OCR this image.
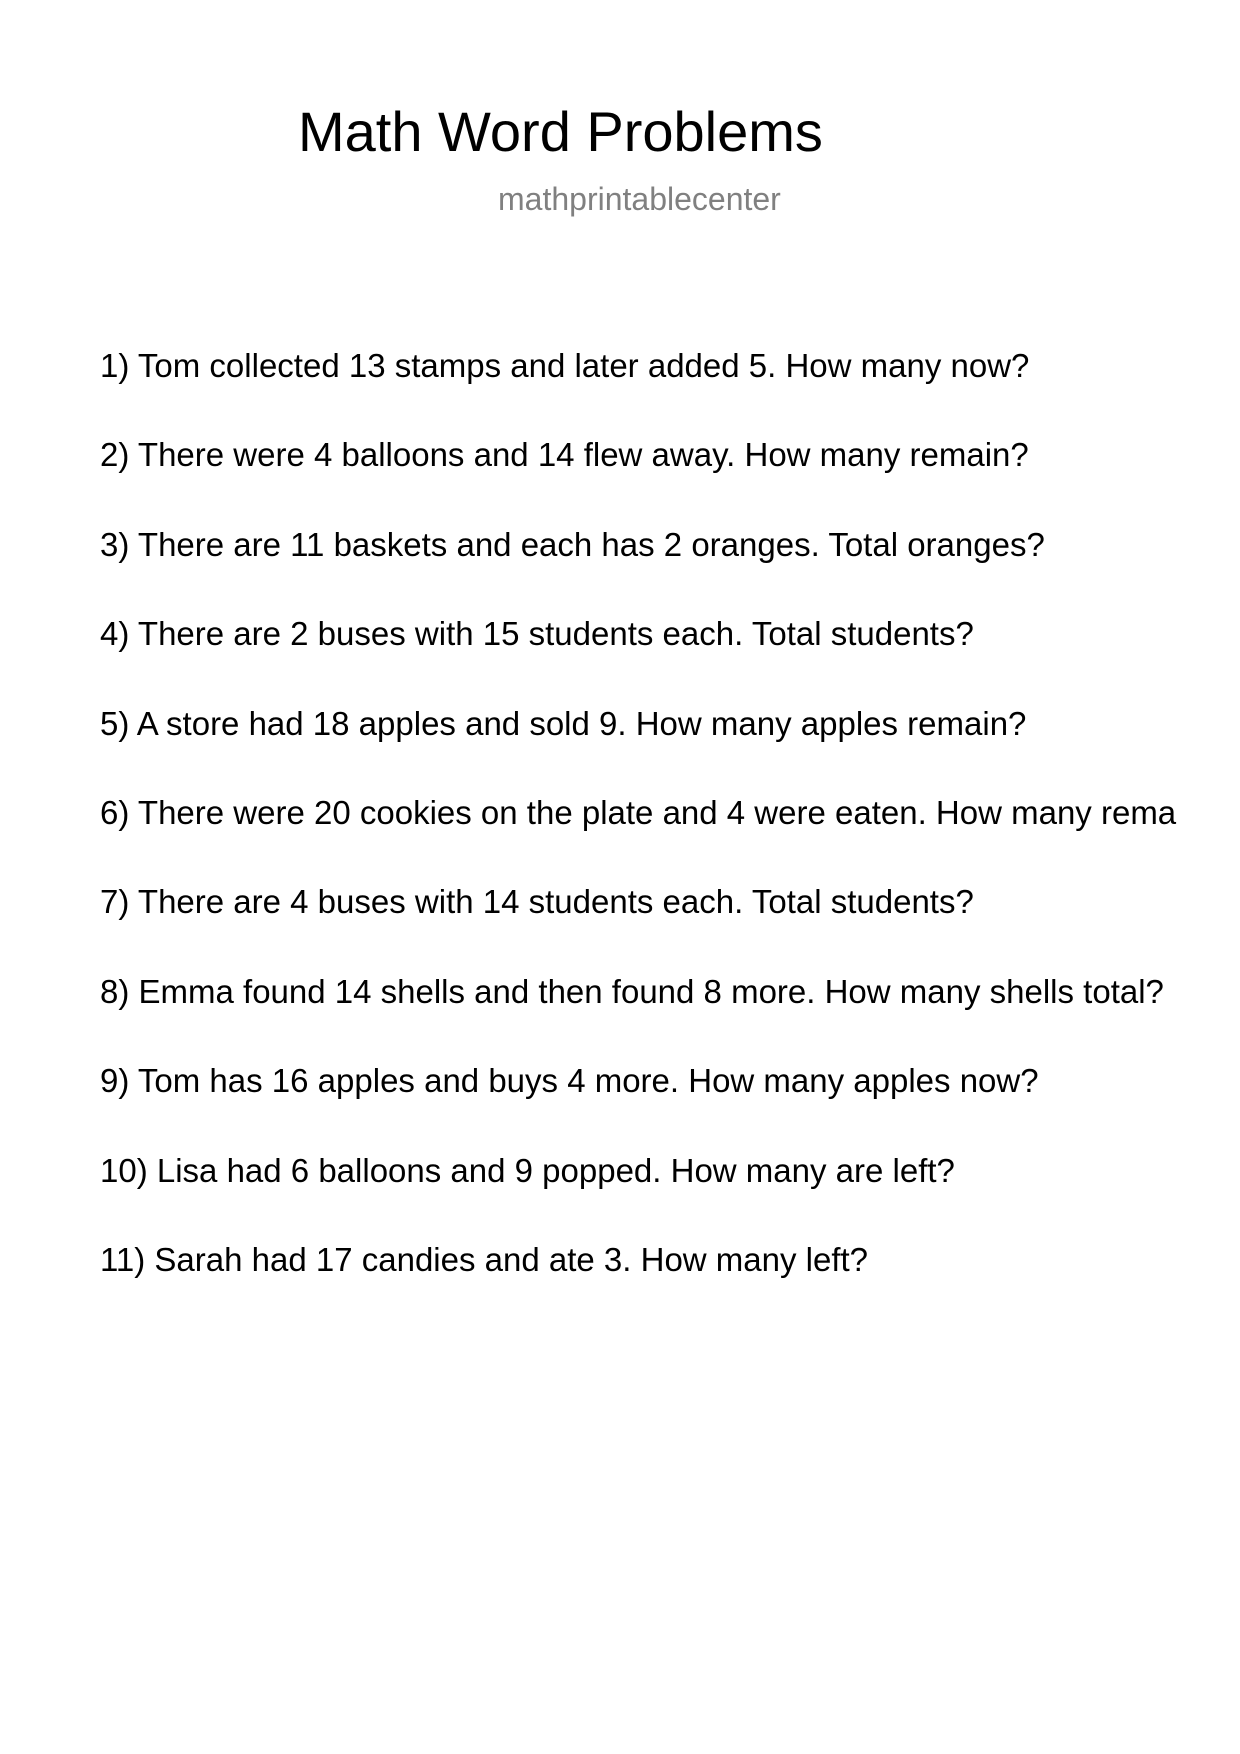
Math Word Problems
mathprintablecenter
1) Tom collected 13 stamps and later added 5. How many now?
2) There were 4 balloons and 14 flew away. How many remain?
3) There are 11 baskets and each has 2 oranges. Total oranges?
4) There are 2 buses with 15 students each. Total students?
5) A store had 18 apples and sold 9. How many apples remain?
6) There were 20 cookies on the plate and 4 were eaten. How many rema
7) There are 4 buses with 14 students each. Total students?
8) Emma found 14 shells and then found 8 more. How many shells total?
9) Tom has 16 apples and buys 4 more. How many apples now?
10) Lisa had 6 balloons and 9 popped. How many are left?
11) Sarah had 17 candies and ate 3. How many left?
